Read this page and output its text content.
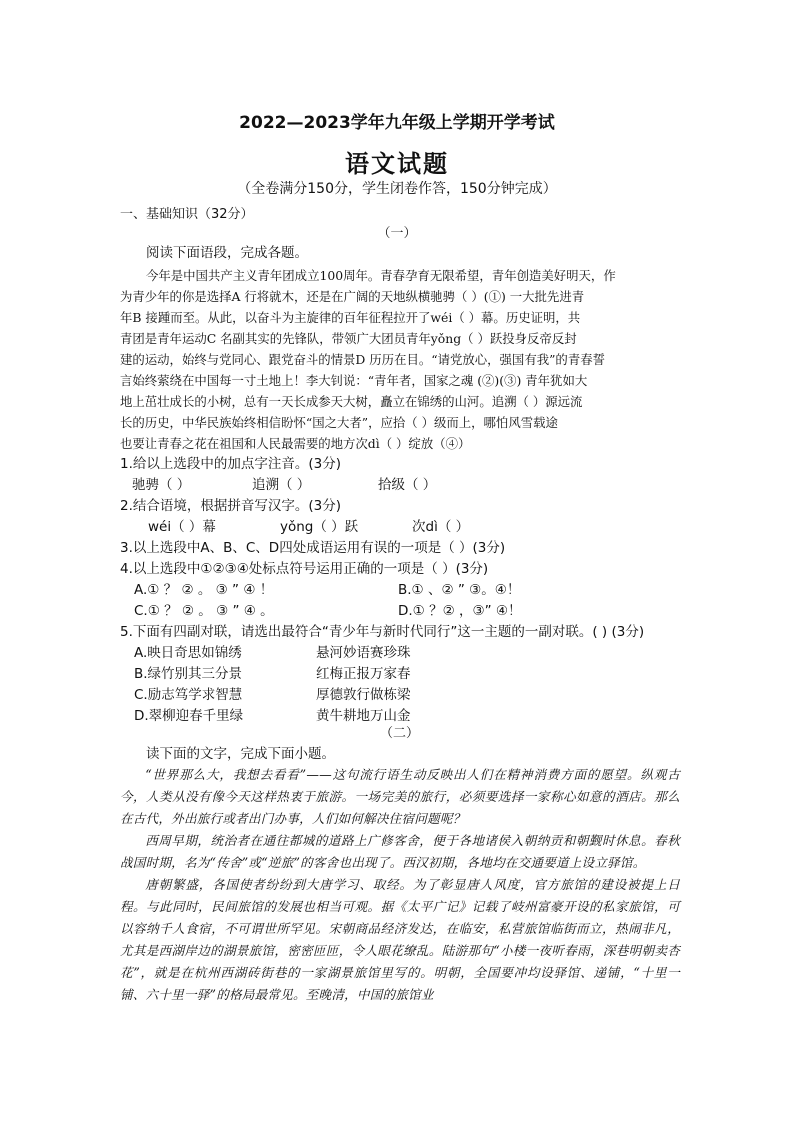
2022—2023学年九年级上学期开学考试
语文试题
（全卷满分150分，学生闭卷作答，150分钟完成）
一、基础知识（32分）
（一）
阅读下面语段，完成各题。
今年是中国共产主义青年团成立100周年。青春孕育无限希望，青年创造美好明天，作
为青少年的你是选择A 行将就木，还是在广阔的天地纵横驰骋（ ）(①) 一大批先进青
年B 接踵而至。从此，以奋斗为主旋律的百年征程拉开了wéi（ ）幕。历史证明，共
青团是青年运动C 名副其实的先锋队，带领广大团员青年yǒng（ ）跃投身反帝反封
建的运动，始终与党同心、跟党奋斗的情景D 历历在目。“请党放心，强国有我”的青春誓
言始终萦绕在中国每一寸土地上！李大钊说：“青年者，国家之魂 (②)(③) 青年犹如大
地上茁壮成长的小树，总有一天长成参天大树，矗立在锦绣的山河。追溯（ ）源远流
长的历史，中华民族始终相信盼怀“国之大者”，应拾（ ）级而上，哪怕风雪载途
也要让青春之花在祖国和人民最需要的地方次dì（ ）绽放（④）
1.给以上选段中的加点字注音。(3分)
驰骋（ ）	追溯（ ）	拾级（ ）
2.结合语境，根据拼音写汉字。(3分)
wéi（ ）幕	yǒng（ ）跃	次dì（ ）
3.以上选段中A、B、C、D四处成语运用有误的一项是（ ）(3分)
4.以上选段中①②③④处标点符号运用正确的一项是（ ）(3分)
A.① ？ ② 。 ③ ” ④ ！	B.① 、② ” ③。④！
C.① ？ ② 。 ③ ” ④ 。	D.① ？② ，③” ④！
5.下面有四副对联，请选出最符合“青少年与新时代同行”这一主题的一副对联。( ) (3分)
A.映日奇思如锦绣	悬河妙语赛珍珠
B.绿竹别其三分景	红梅正报万家春
C.励志笃学求智慧	厚德敦行做栋梁
D.翠柳迎春千里绿	黄牛耕地万山金
（二）
读下面的文字，完成下面小题。
“世界那么大，我想去看看”——这句流行语生动反映出人们在精神消费方面的愿望。纵观古今，人类从没有像今天这样热衷于旅游。一场完美的旅行，必须要选择一家称心如意的酒店。那么在古代，外出旅行或者出门办事，人们如何解决住宿问题呢？
西周早期，统治者在通往都城的道路上广修客舍，便于各地诸侯入朝纳贡和朝觐时休息。春秋战国时期，名为“传舍”或“逆旅”的客舍也出现了。西汉初期，各地均在交通要道上设立驿馆。
唐朝繁盛，各国使者纷纷到大唐学习、取经。为了彰显唐人风度，官方旅馆的建设被提上日程。与此同时，民间旅馆的发展也相当可观。据《太平广记》记载了岐州富豪开设的私家旅馆，可以容纳千人食宿，不可谓世所罕见。宋朝商品经济发达，在临安，私营旅馆临街而立，热闹非凡，尤其是西湖岸边的湖景旅馆，密密匝匝，令人眼花缭乱。陆游那句“小楼一夜听春雨，深巷明朝卖杏花”，就是在杭州西湖砖街巷的一家湖景旅馆里写的。明朝，全国要冲均设驿馆、递铺，“十里一铺、六十里一驿”的格局最常见。至晚清，中国的旅馆业
